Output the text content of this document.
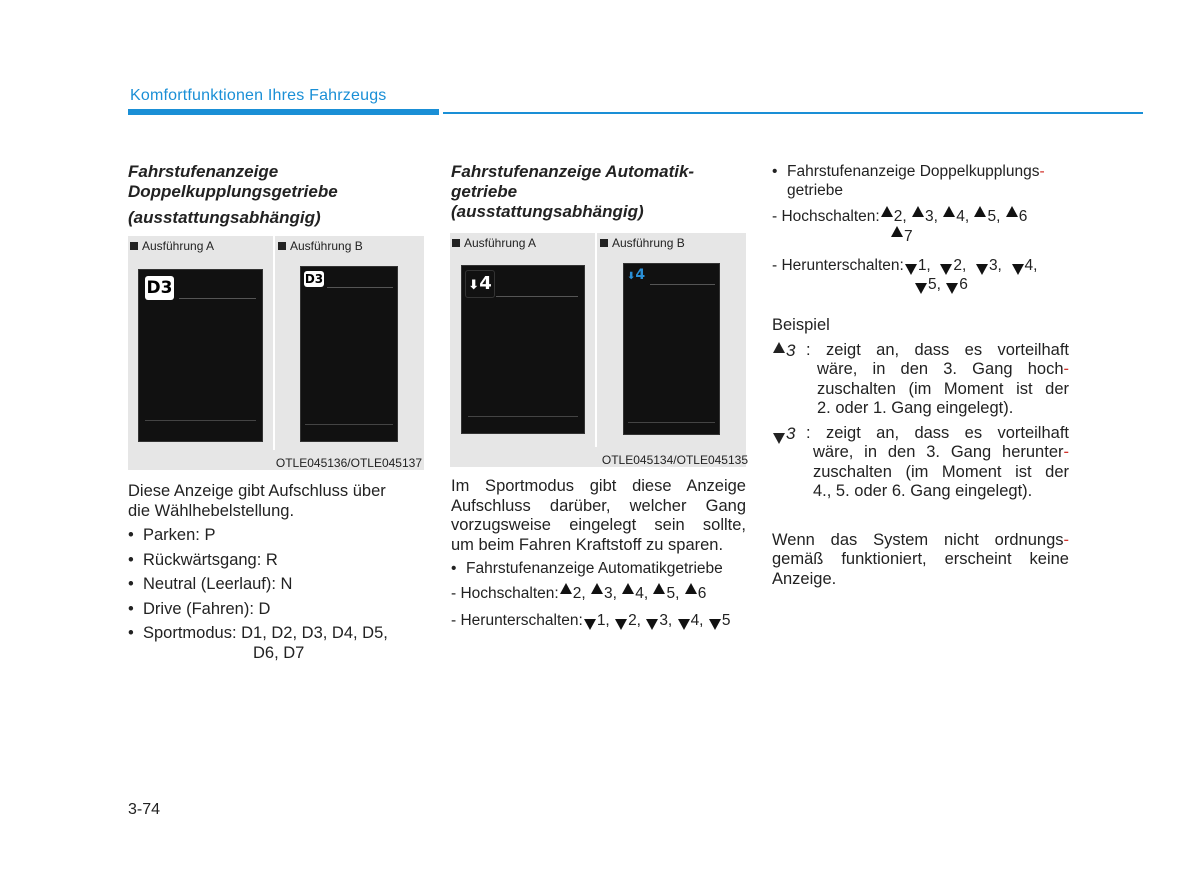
Komfortfunktionen Ihres Fahrzeugs
Fahrstufenanzeige
Doppelkupplungsgetriebe
(ausstattungsabhängig)
Ausführung A	Ausführung B
D3	D3
OTLE045136/OTLE045137
Diese Anzeige gibt Aufschluss über
die Wählhebelstellung.
• Parken: P
• Rückwärtsgang: R
• Neutral (Leerlauf): N
• Drive (Fahren): D
• Sportmodus: D1, D2, D3, D4, D5,
D6, D7
Fahrstufenanzeige Automatik-
getriebe
(ausstattungsabhängig)
Ausführung A	Ausführung B
⬇4	⬇4
OTLE045134/OTLE045135
Im Sportmodus gibt diese Anzeige
Aufschluss darüber, welcher Gang
vorzugsweise eingelegt sein sollte,
um beim Fahren Kraftstoff zu sparen.
• Fahrstufenanzeige Automatikgetriebe
- Hochschalten: 2, 3, 4, 5, 6
- Herunterschalten: 1, 2, 3, 4, 5
• Fahrstufenanzeige Doppelkupplungs-
getriebe
- Hochschalten: 2, 3, 4, 5, 6
7
- Herunterschalten: 1, 2, 3, 4,
5, 6
Beispiel
3 : zeigt an, dass es vorteilhaft
wäre, in den 3. Gang hoch-
zuschalten (im Moment ist der
2. oder 1. Gang eingelegt).
3 : zeigt an, dass es vorteilhaft
wäre, in den 3. Gang herunter-
zuschalten (im Moment ist der
4., 5. oder 6. Gang eingelegt).
Wenn das System nicht ordnungs-
gemäß funktioniert, erscheint keine
Anzeige.
3-74
